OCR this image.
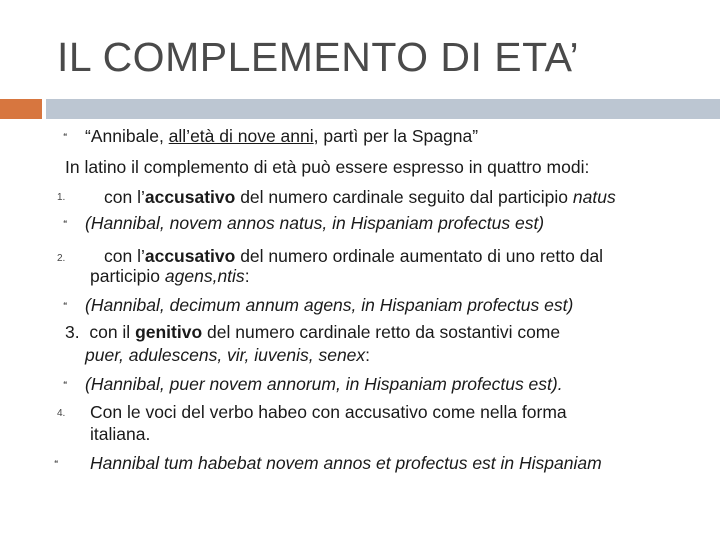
IL COMPLEMENTO DI ETA’
❝ “Annibale, all’età di nove anni, partì per la Spagna”
In latino il complemento di età può essere espresso in quattro modi:
1. con l’accusativo del numero cardinale seguito dal participio natus
❝ (Hannibal, novem annos natus, in Hispaniam profectus est)
2. con l’accusativo del numero ordinale aumentato di uno retto dal
participio agens,ntis:
❝ (Hannibal, decimum annum agens, in Hispaniam profectus est)
3. con il genitivo del numero cardinale retto da sostantivi come
puer, adulescens, vir, iuvenis, senex:
❝ (Hannibal, puer novem annorum, in Hispaniam profectus est).
4. Con le voci del verbo habeo con accusativo come nella forma
italiana.
❝ Hannibal tum habebat novem annos et profectus est in Hispaniam
